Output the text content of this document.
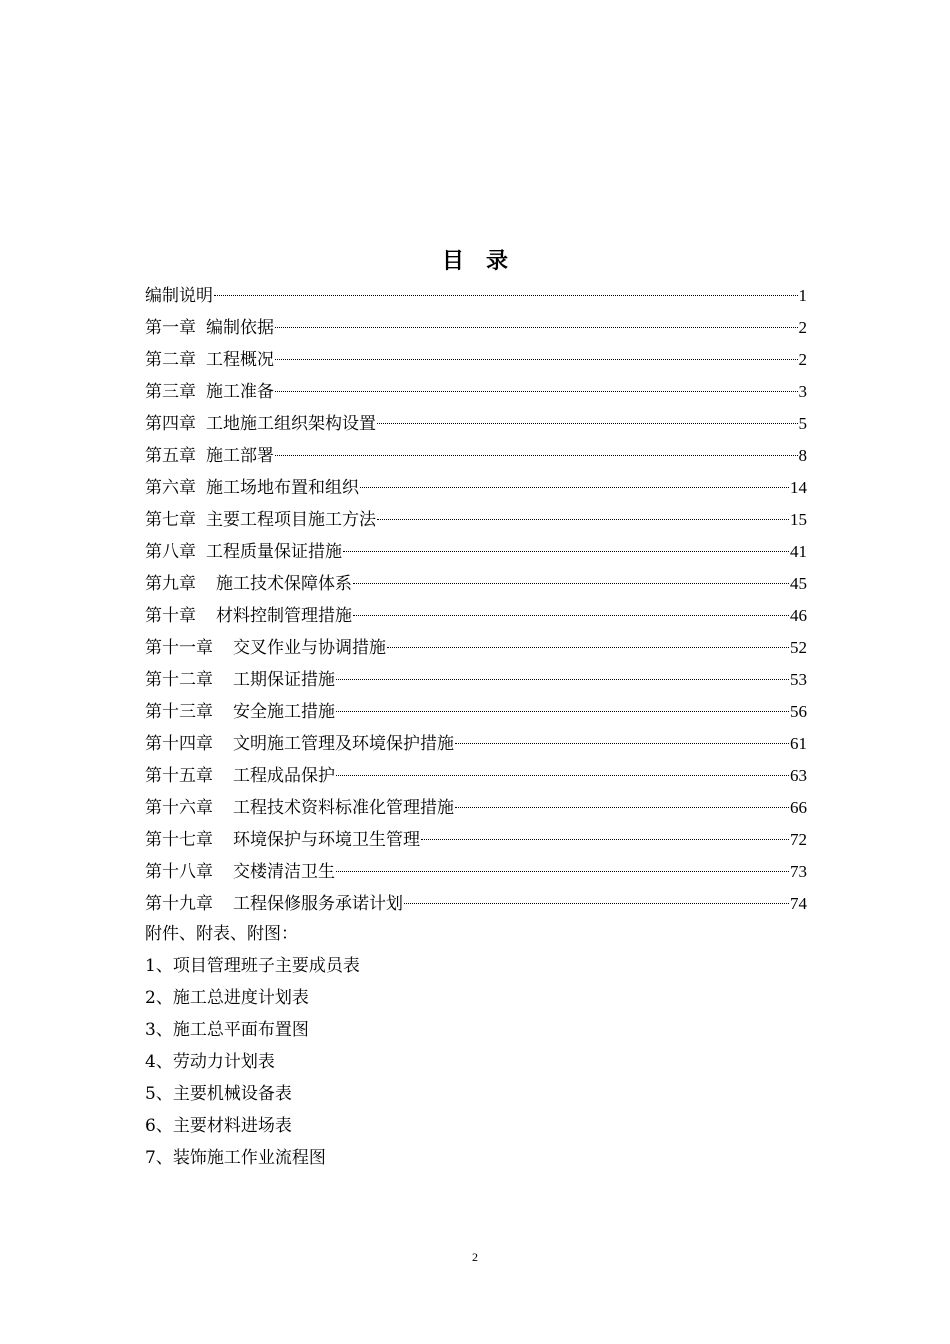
目录
编制说明	1
第一章 编制依据	2
第二章 工程概况	2
第三章 施工准备	3
第四章 工地施工组织架构设置	5
第五章 施工部署	8
第六章 施工场地布置和组织	14
第七章 主要工程项目施工方法	15
第八章 工程质量保证措施	41
第九章 施工技术保障体系	45
第十章 材料控制管理措施	46
第十一章 交叉作业与协调措施	52
第十二章 工期保证措施	53
第十三章 安全施工措施	56
第十四章 文明施工管理及环境保护措施	61
第十五章 工程成品保护	63
第十六章 工程技术资料标准化管理措施	66
第十七章 环境保护与环境卫生管理	72
第十八章 交楼清洁卫生	73
第十九章 工程保修服务承诺计划	74
附件、附表、附图：
1、项目管理班子主要成员表
2、施工总进度计划表
3、施工总平面布置图
4、劳动力计划表
5、主要机械设备表
6、主要材料进场表
7、装饰施工作业流程图
2
